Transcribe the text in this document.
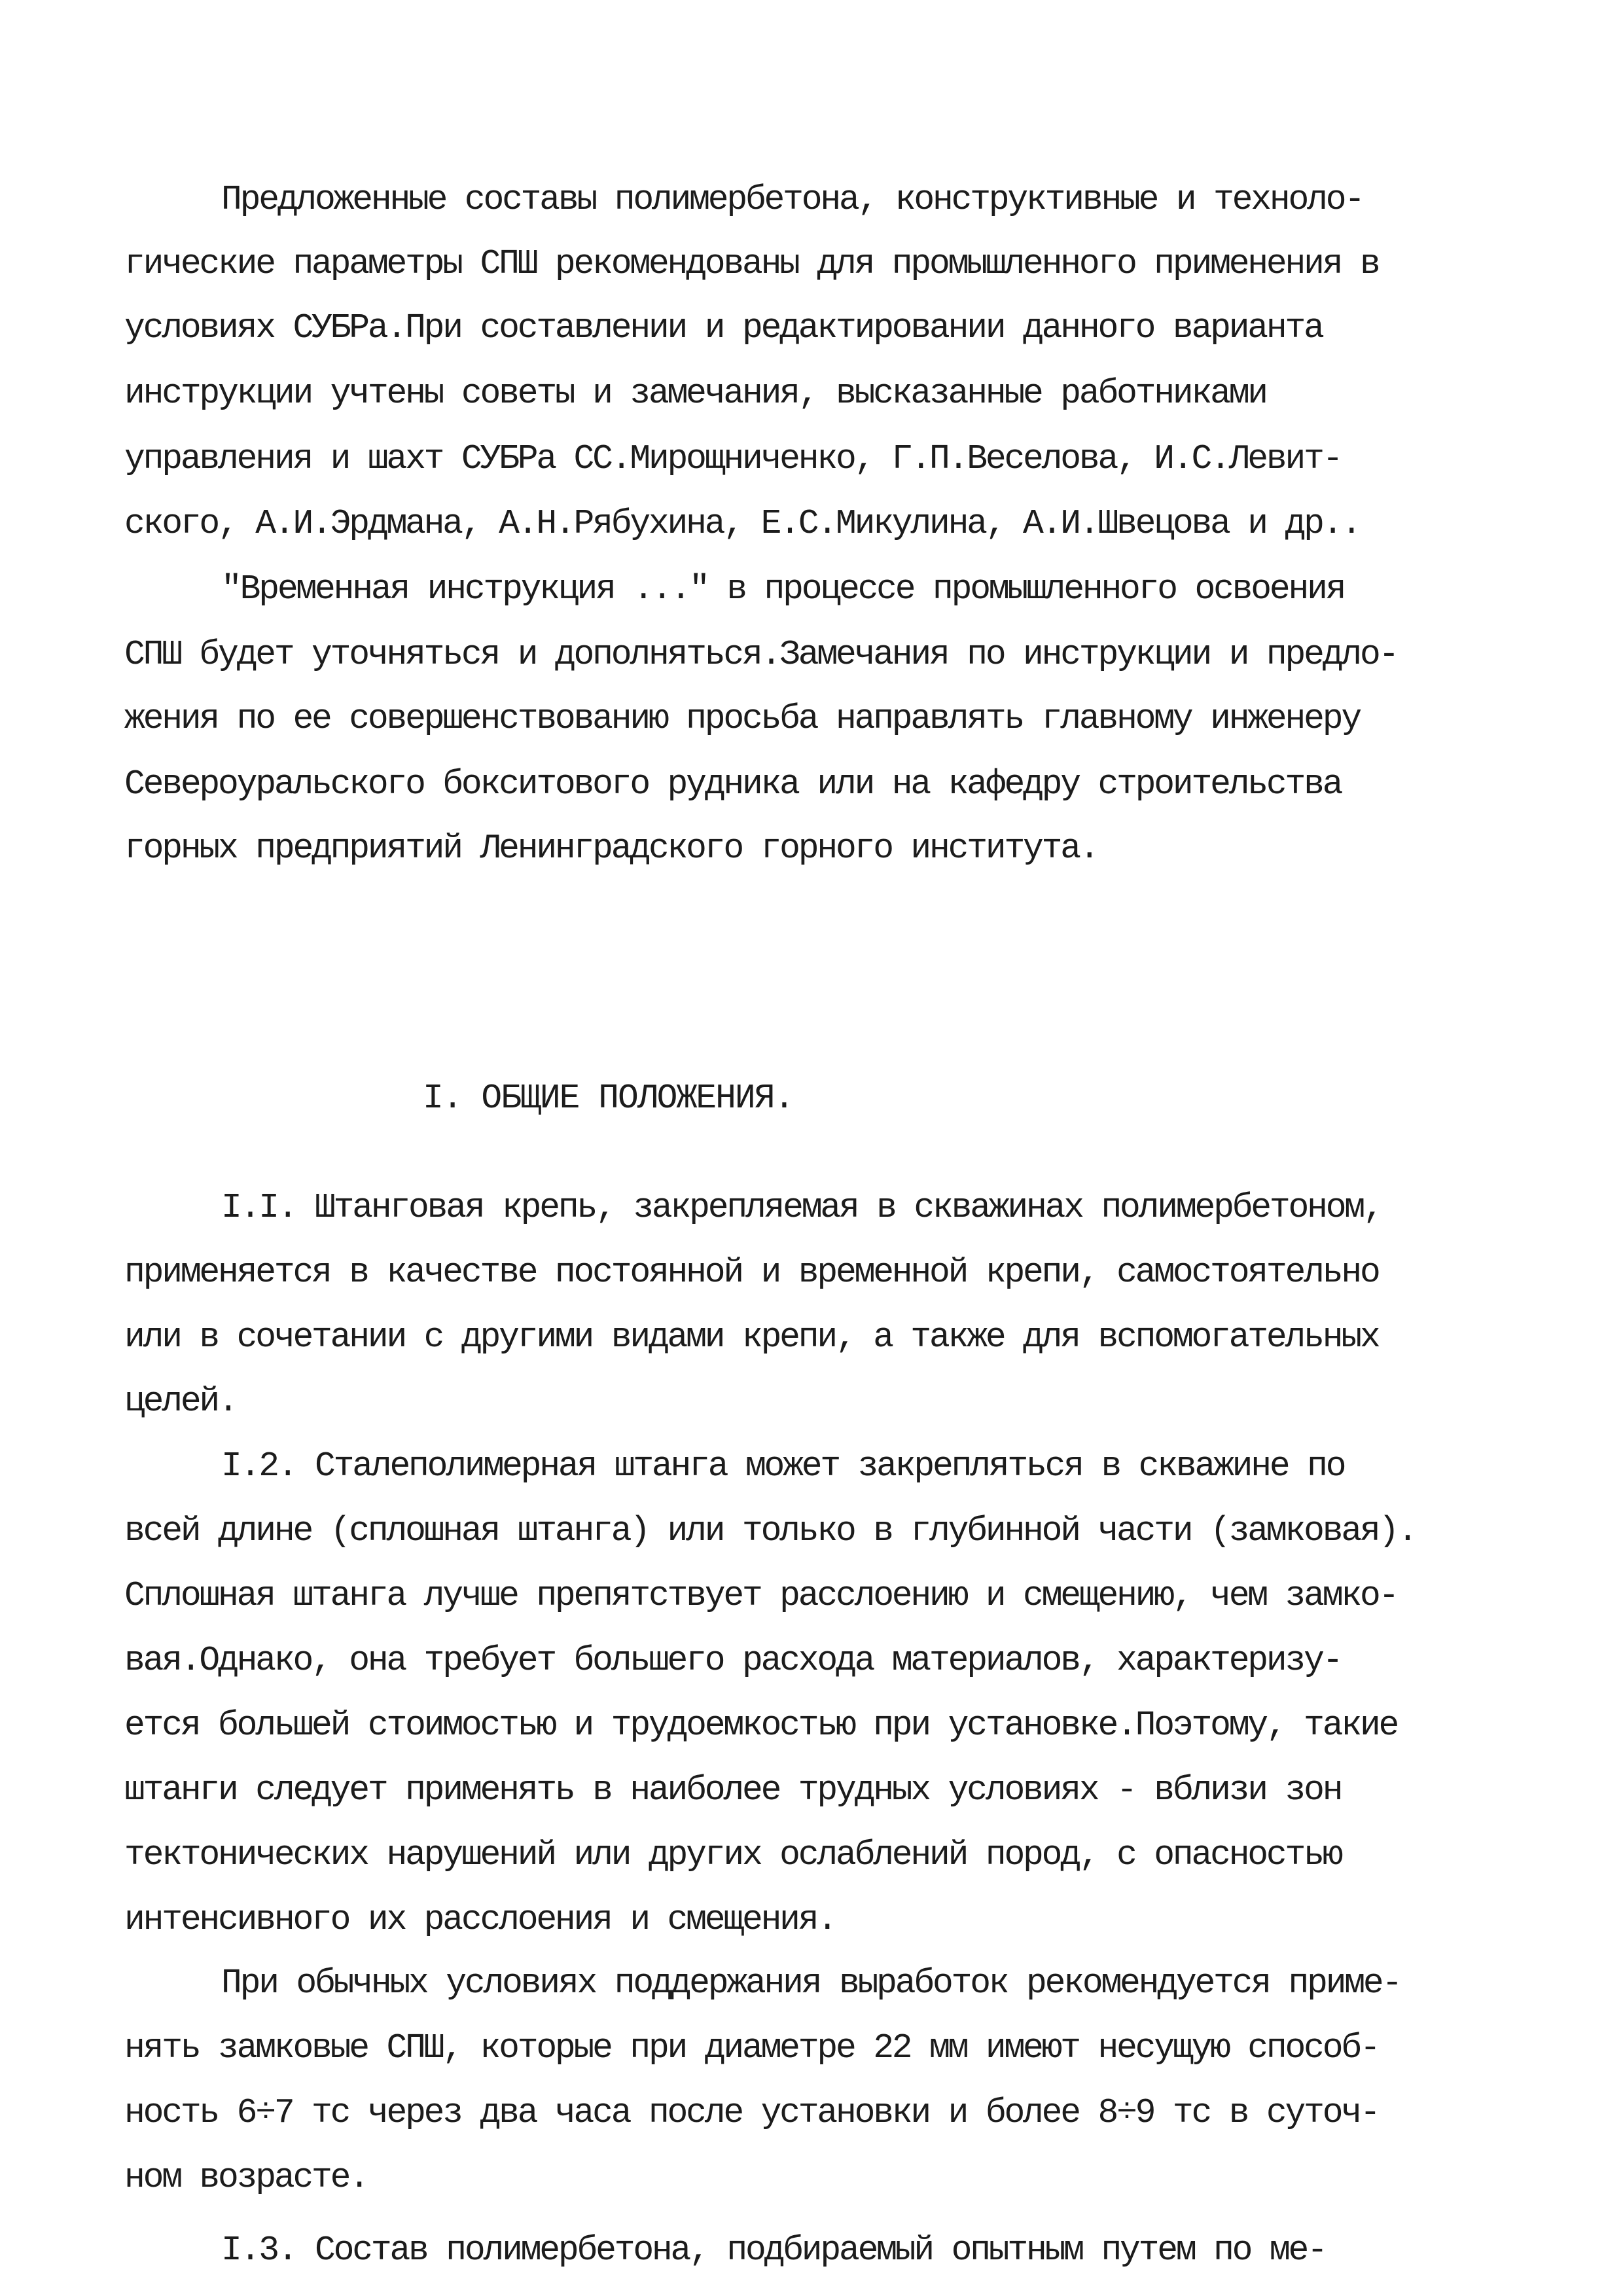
Предложенные составы полимербетона, конструктивные и техноло-
гические параметры СПШ рекомендованы для промышленного применения в
условиях СУБРа.При составлении и редактировании данного варианта
инструкции учтены советы и замечания, высказанные работниками
управления и шахт СУБРа СС.Мирощниченко, Г.П.Веселова, И.С.Левит-
ского, А.И.Эрдмана, А.Н.Рябухина, Е.С.Микулина, А.И.Швецова и др..
"Временная инструкция ..." в процессе промышленного освоения
СПШ будет уточняться и дополняться.Замечания по инструкции и предло-
жения по ее совершенствованию просьба направлять главному инженеру
Североуральского бокситового рудника или на кафедру строительства
горных предприятий Ленинградского горного института.
I. ОБЩИЕ ПОЛОЖЕНИЯ.
I.I. Штанговая крепь, закрепляемая в скважинах полимербетоном,
применяется в качестве постоянной и временной крепи, самостоятельно
или в сочетании с другими видами крепи, а также для вспомогательных
целей.
I.2. Сталеполимерная штанга может закрепляться в скважине по
всей длине (сплошная штанга) или только в глубинной части (замковая).
Сплошная штанга лучше препятствует расслоению и смещению, чем замко-
вая.Однако, она требует большего расхода материалов, характеризу-
ется большей стоимостью и трудоемкостью при установке.Поэтому, такие
штанги следует применять в наиболее трудных условиях - вблизи зон
тектонических нарушений или других ослаблений пород, с опасностью
интенсивного их расслоения и смещения.
При обычных условиях поддержания выработок рекомендуется приме-
нять замковые СПШ, которые при диаметре 22 мм имеют несущую способ-
ность 6÷7 тс через два часа после установки и более 8÷9 тс в суточ-
ном возрасте.
I.3. Состав полимербетона, подбираемый опытным путем по ме-
